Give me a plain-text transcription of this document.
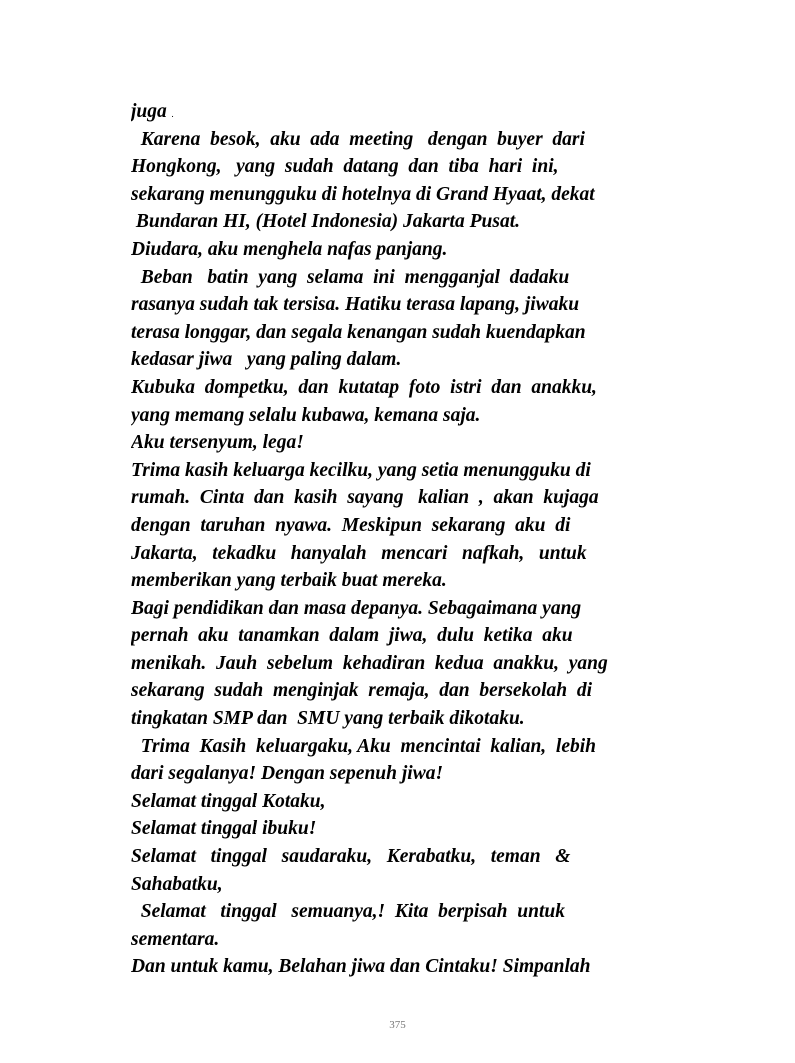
juga .
Karena  besok,  aku  ada  meeting   dengan  buyer  dari
Hongkong,   yang  sudah  datang  dan  tiba  hari  ini,
sekarang menungguku di hotelnya di Grand Hyaat, dekat
Bundaran HI, (Hotel Indonesia) Jakarta Pusat.
Diudara, aku menghela nafas panjang.
Beban   batin  yang  selama  ini  mengganjal  dadaku
rasanya sudah tak tersisa. Hatiku terasa lapang, jiwaku
terasa longgar, dan segala kenangan sudah kuendapkan
kedasar jiwa   yang paling dalam.
Kubuka  dompetku,  dan  kutatap  foto  istri  dan  anakku,
yang memang selalu kubawa, kemana saja.
Aku tersenyum, lega!
Trima kasih keluarga kecilku, yang setia menungguku di
rumah.  Cinta  dan  kasih  sayang   kalian  ,  akan  kujaga
dengan  taruhan  nyawa.  Meskipun  sekarang  aku  di
Jakarta,   tekadku   hanyalah   mencari   nafkah,   untuk
memberikan yang terbaik buat mereka.
Bagi pendidikan dan masa depanya. Sebagaimana yang
pernah  aku  tanamkan  dalam  jiwa,  dulu  ketika  aku
menikah.  Jauh  sebelum  kehadiran  kedua  anakku,  yang
sekarang  sudah  menginjak  remaja,  dan  bersekolah  di
tingkatan SMP dan  SMU yang terbaik dikotaku.
Trima  Kasih  keluargaku, Aku  mencintai  kalian,  lebih
dari segalanya! Dengan sepenuh jiwa!
Selamat tinggal Kotaku,
Selamat tinggal ibuku!
Selamat   tinggal   saudaraku,   Kerabatku,   teman   &
Sahabatku,
Selamat   tinggal   semuanya,!  Kita  berpisah  untuk
sementara.
Dan untuk kamu, Belahan jiwa dan Cintaku! Simpanlah
375
